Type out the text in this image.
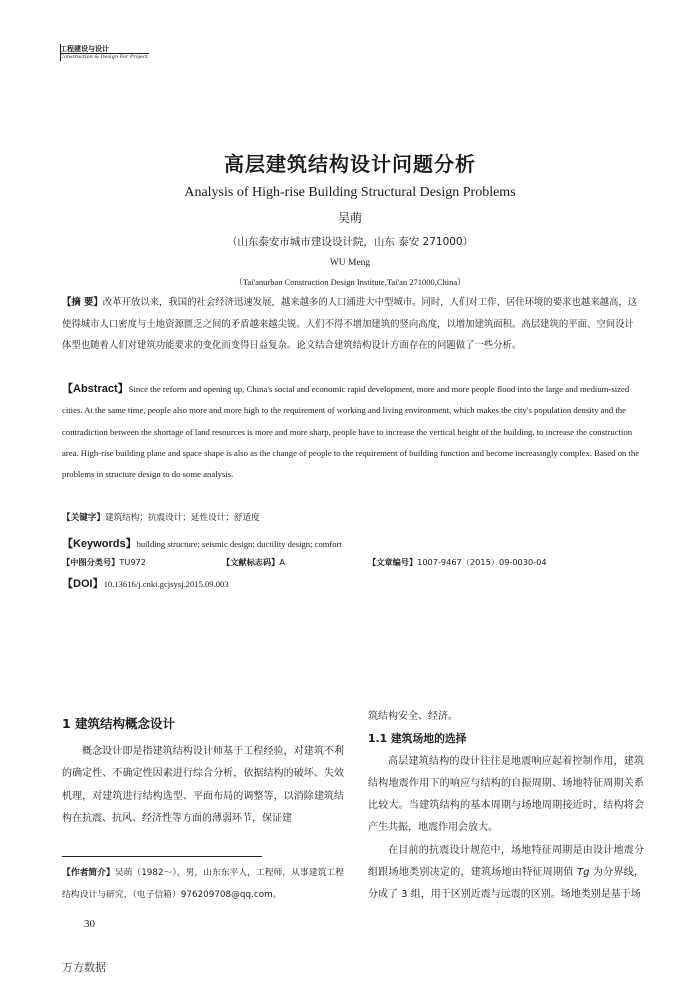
工程建设与设计
Construction & Design For Project
高层建筑结构设计问题分析
Analysis of High-rise Building Structural Design Problems
吴萌
（山东泰安市城市建设设计院，山东 泰安 271000）
WU Meng
（Tai'anurban Construction Design Institute,Tai'an 271000,China）
【摘 要】改革开放以来，我国的社会经济迅速发展，越来越多的人口涌进大中型城市。同时，人们对工作、居住环境的要求也越来越高，这使得城市人口密度与土地资源匮乏之间的矛盾越来越尖锐。人们不得不增加建筑的竖向高度，以增加建筑面积。高层建筑的平面、空间设计体型也随着人们对建筑功能要求的变化而变得日益复杂。论文结合建筑结构设计方面存在的问题做了一些分析。
【Abstract】Since the reform and opening up, China's social and economic rapid development, more and more people flood into the large and medium-sized cities. At the same time, people also more and more high to the requirement of working and living environment, which makes the city's population density and the contradiction between the shortage of land resources is more and more sharp, people have to increase the vertical height of the building, to increase the construction area. High-rise building plane and space shape is also as the change of people to the requirement of building function and become increasingly complex. Based on the problems in structure design to do some analysis.
【关键字】建筑结构；抗震设计；延性设计；舒适度
【Keywords】building structure; seismic design; ductility design; comfort
【中图分类号】TU972	【文献标志码】A	【文章编号】1007-9467（2015）09-0030-04
【DOI】10.13616/j.cnki.gcjsysj.2015.09.003
1 建筑结构概念设计
概念设计即是指建筑结构设计师基于工程经验，对建筑不利的确定性、不确定性因素进行综合分析，依据结构的破坏、失效机理，对建筑进行结构选型、平面布局的调整等，以消除建筑结构在抗震、抗风、经济性等方面的薄弱环节，保证建
【作者简介】吴萌（1982～），男，山东东平人，工程师，从事建筑工程结构设计与研究，（电子信箱）976209708@qq.com。
筑结构安全、经济。
1.1 建筑场地的选择
高层建筑结构的设计往往是地震响应起着控制作用，建筑结构地震作用下的响应与结构的自振周期、场地特征周期关系比较大。当建筑结构的基本周期与场地周期接近时，结构将会产生共振，地震作用会放大。
在目前的抗震设计规范中，场地特征周期是由设计地震分组跟场地类别决定的，建筑场地由特征周期值 Tg 为分界线，分成了 3 组，用于区别近震与远震的区别。场地类别是基于场
30
万方数据
